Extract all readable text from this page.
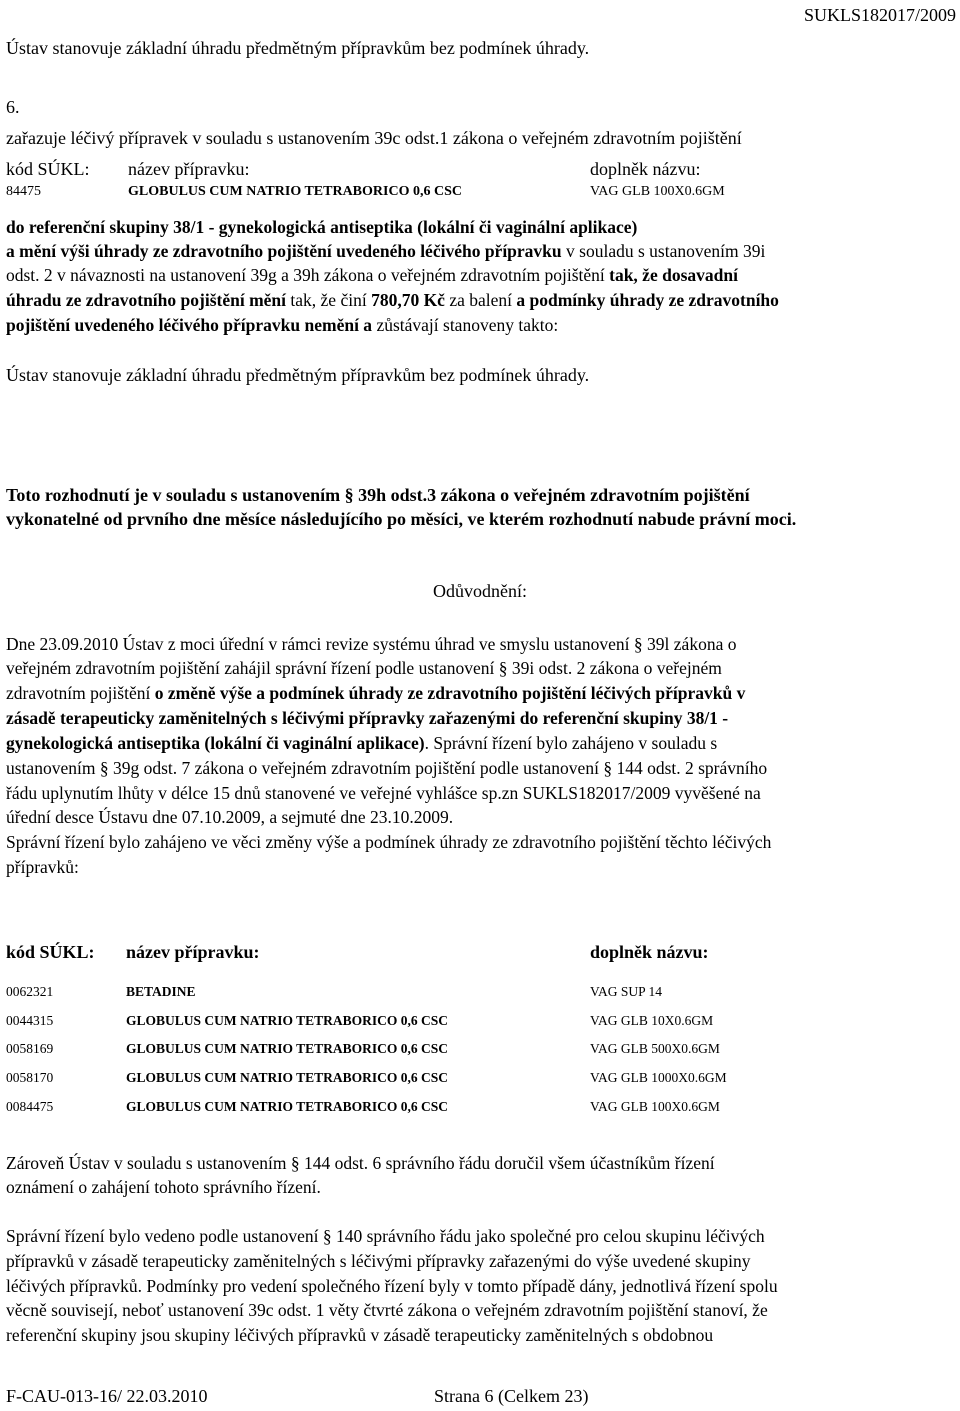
SUKLS182017/2009
Ústav stanovuje základní úhradu předmětným přípravkům bez podmínek úhrady.
6.
zařazuje léčivý přípravek v souladu s ustanovením 39c odst.1 zákona o veřejném zdravotním pojištění
kód SÚKL: název přípravku:	doplněk názvu:
84475	GLOBULUS CUM NATRIO TETRABORICO 0,6 CSC	VAG GLB 100X0.6GM
do referenční skupiny 38/1 - gynekologická antiseptika (lokální či vaginální aplikace)
a mění výši úhrady ze zdravotního pojištění uvedeného léčivého přípravku v souladu s ustanovením 39i
odst. 2 v návaznosti na ustanovení 39g a 39h zákona o veřejném zdravotním pojištění tak, že dosavadní
úhradu ze zdravotního pojištění mění tak, že činí 780,70 Kč za balení a podmínky úhrady ze zdravotního
pojištění uvedeného léčivého přípravku nemění a zůstávají stanoveny takto:
Ústav stanovuje základní úhradu předmětným přípravkům bez podmínek úhrady.
Toto rozhodnutí je v souladu s ustanovením § 39h odst.3 zákona o veřejném zdravotním pojištění
vykonatelné od prvního dne měsíce následujícího po měsíci, ve kterém rozhodnutí nabude právní moci.
Odůvodnění:
Dne 23.09.2010 Ústav z moci úřední v rámci revize systému úhrad ve smyslu ustanovení § 39l zákona o
veřejném zdravotním pojištění zahájil správní řízení podle ustanovení § 39i odst. 2 zákona o veřejném
zdravotním pojištění o změně výše a podmínek úhrady ze zdravotního pojištění léčivých přípravků v
zásadě terapeuticky zaměnitelných s léčivými přípravky zařazenými do referenční skupiny 38/1 -
gynekologická antiseptika (lokální či vaginální aplikace). Správní řízení bylo zahájeno v souladu s
ustanovením § 39g odst. 7 zákona o veřejném zdravotním pojištění podle ustanovení § 144 odst. 2 správního
řádu uplynutím lhůty v délce 15 dnů stanovené ve veřejné vyhlášce sp.zn SUKLS182017/2009 vyvěšené na
úřední desce Ústavu dne 07.10.2009, a sejmuté dne 23.10.2009.
Správní řízení bylo zahájeno ve věci změny výše a podmínek úhrady ze zdravotního pojištění těchto léčivých
přípravků:
kód SÚKL: název přípravku:	doplněk názvu:
0062321	BETADINE	VAG SUP 14
0044315	GLOBULUS CUM NATRIO TETRABORICO 0,6 CSC	VAG GLB 10X0.6GM
0058169	GLOBULUS CUM NATRIO TETRABORICO 0,6 CSC	VAG GLB 500X0.6GM
0058170	GLOBULUS CUM NATRIO TETRABORICO 0,6 CSC	VAG GLB 1000X0.6GM
0084475	GLOBULUS CUM NATRIO TETRABORICO 0,6 CSC	VAG GLB 100X0.6GM
Zároveň Ústav v souladu s ustanovením § 144 odst. 6 správního řádu doručil všem účastníkům řízení
oznámení o zahájení tohoto správního řízení.
Správní řízení bylo vedeno podle ustanovení § 140 správního řádu jako společné pro celou skupinu léčivých
přípravků v zásadě terapeuticky zaměnitelných s léčivými přípravky zařazenými do výše uvedené skupiny
léčivých přípravků. Podmínky pro vedení společného řízení byly v tomto případě dány, jednotlivá řízení spolu
věcně souvisejí, neboť ustanovení 39c odst. 1 věty čtvrté zákona o veřejném zdravotním pojištění stanoví, že
referenční skupiny jsou skupiny léčivých přípravků v zásadě terapeuticky zaměnitelných s obdobnou
F-CAU-013-16/ 22.03.2010	Strana 6 (Celkem 23)
